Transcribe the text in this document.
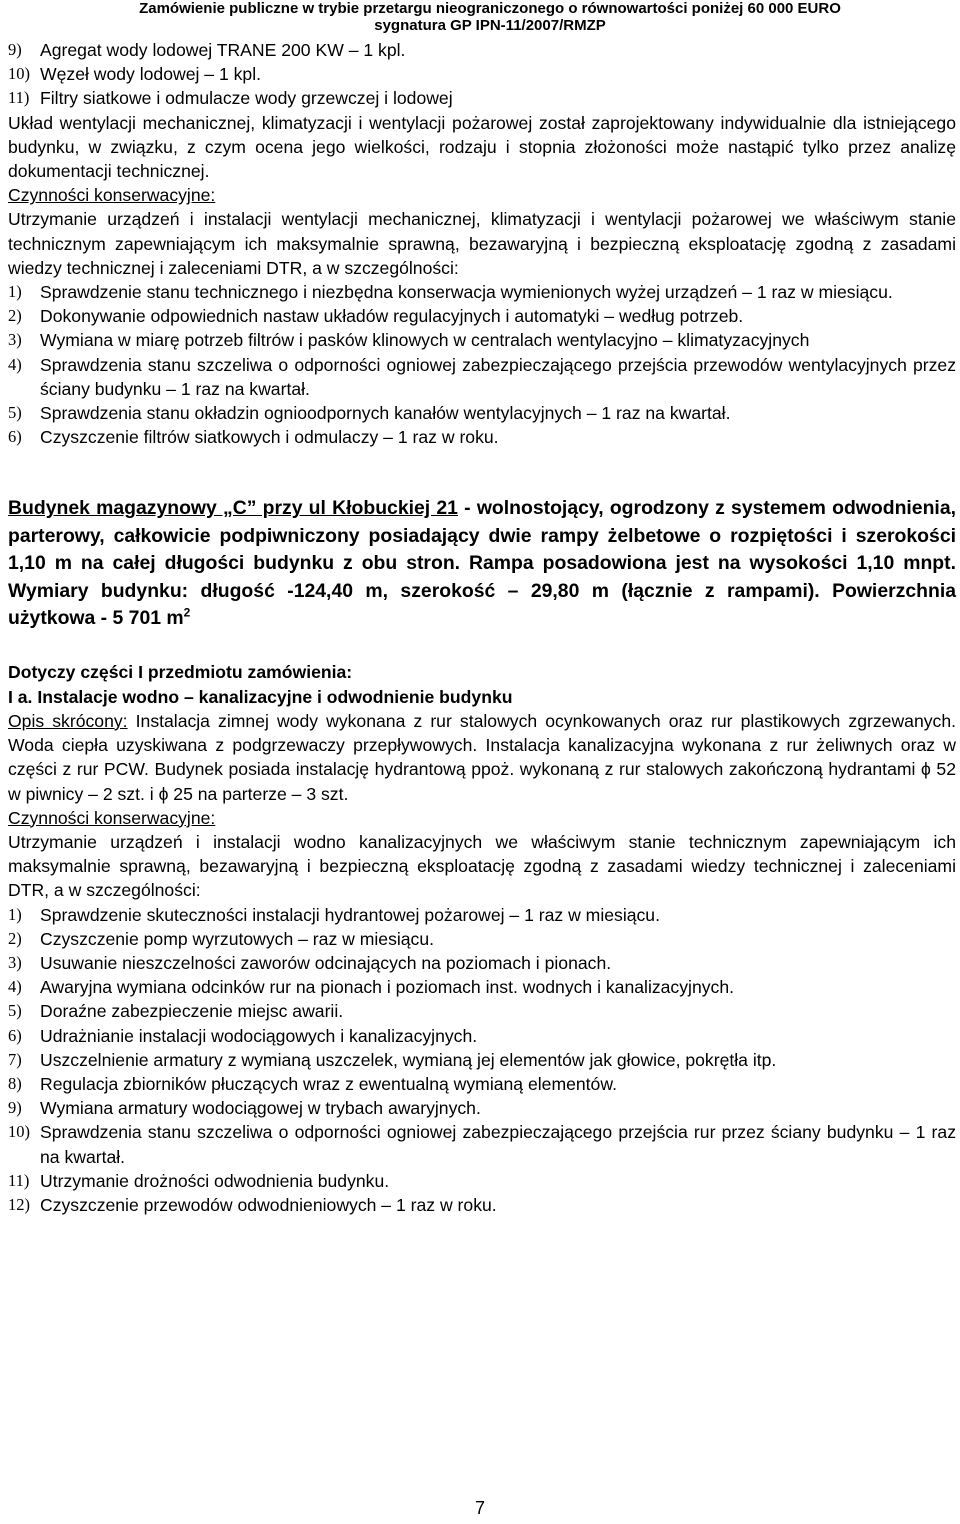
Zamówienie publiczne w trybie przetargu nieograniczonego o równowartości poniżej 60 000 EURO
sygnatura GP IPN-11/2007/RMZP
9)	Agregat wody lodowej TRANE 200 KW – 1 kpl.
10) Węzeł wody lodowej – 1 kpl.
11) Filtry siatkowe i odmulacze wody grzewczej i lodowej

Układ wentylacji mechanicznej, klimatyzacji i wentylacji pożarowej został zaprojektowany indywidualnie dla istniejącego budynku, w związku, z czym ocena jego wielkości, rodzaju i stopnia złożoności może nastąpić tylko przez analizę dokumentacji technicznej.

Czynności konserwacyjne:

Utrzymanie urządzeń i instalacji wentylacji mechanicznej, klimatyzacji i wentylacji pożarowej we właściwym stanie technicznym zapewniającym ich maksymalnie sprawną, bezawaryjną i bezpieczną eksploatację zgodną z zasadami wiedzy technicznej i zaleceniami DTR, a w szczególności:

1)	Sprawdzenie stanu technicznego i niezbędna konserwacja wymienionych wyżej urządzeń – 1 raz w miesiącu.
2)	Dokonywanie odpowiednich nastaw układów regulacyjnych i automatyki – według potrzeb.
3)	Wymiana w miarę potrzeb filtrów i pasków klinowych w centralach wentylacyjno – klimatyzacyjnych
4)	Sprawdzenia stanu szczeliwa o odporności ogniowej zabezpieczającego przejścia przewodów wentylacyjnych przez ściany budynku – 1 raz na kwartał.
5)	Sprawdzenia stanu okładzin ognioodpornych kanałów wentylacyjnych – 1 raz na kwartał.
6)	Czyszczenie filtrów siatkowych i odmulaczy – 1 raz w roku.

Budynek magazynowy „C” przy ul Kłobuckiej 21 - wolnostojący, ogrodzony z systemem odwodnienia, parterowy, całkowicie podpiwniczony posiadający dwie rampy żelbetowe o rozpiętości i szerokości 1,10 m na całej długości budynku z obu stron. Rampa posadowiona jest na wysokości 1,10 mnpt. Wymiary budynku: długość -124,40 m, szerokość – 29,80 m (łącznie z rampami). Powierzchnia użytkowa - 5 701 $m^2$

Dotyczy części I przedmiotu zamówienia:

I a. Instalacje wodno – kanalizacyjne i odwodnienie budynku

Opis skrócony: Instalacja zimnej wody wykonana z rur stalowych ocynkowanych oraz rur plastikowych zgrzewanych. Woda ciepła uzyskiwana z podgrzewaczy przepływowych. Instalacja kanalizacyjna wykonana z rur żeliwnych oraz w części z rur PCW. Budynek posiada instalację hydrantową ppoż. wykonaną z rur stalowych zakończoną hydrantami ϕ 52 w piwnicy – 2 szt. i ϕ 25 na parterze – 3 szt.

Czynności konserwacyjne:

Utrzymanie urządzeń i instalacji wodno kanalizacyjnych we właściwym stanie technicznym zapewniającym ich maksymalnie sprawną, bezawaryjną i bezpieczną eksploatację zgodną z zasadami wiedzy technicznej i zaleceniami DTR, a w szczególności:

1)	Sprawdzenie skuteczności instalacji hydrantowej pożarowej – 1 raz w miesiącu.
2)	Czyszczenie pomp wyrzutowych – raz w miesiącu.
3)	Usuwanie nieszczelności zaworów odcinających na poziomach i pionach.
4)	Awaryjna wymiana odcinków rur na pionach i poziomach inst. wodnych i kanalizacyjnych.
5)	Doraźne zabezpieczenie miejsc awarii.
6)	Udrażnianie instalacji wodociągowych i kanalizacyjnych.
7)	Uszczelnienie armatury z wymianą uszczelek, wymianą jej elementów jak głowice, pokrętła itp.
8)	Regulacja zbiorników płuczących wraz z ewentualną wymianą elementów.
9)	Wymiana armatury wodociągowej w trybach awaryjnych.
10) Sprawdzenia stanu szczeliwa o odporności ogniowej zabezpieczającego przejścia rur przez ściany budynku – 1 raz na kwartał.
11) Utrzymanie drożności odwodnienia budynku.
12) Czyszczenie przewodów odwodnieniowych – 1 raz w roku.
7
